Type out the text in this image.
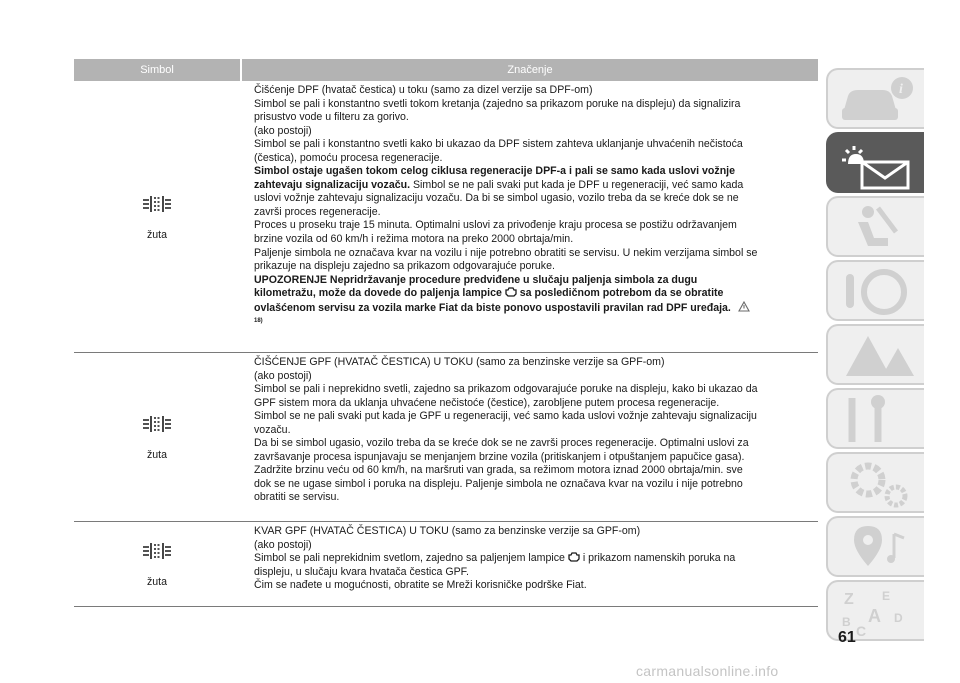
Simbol	Značenje
žuta

Čišćenje DPF (hvatač čestica) u toku (samo za dizel verzije sa DPF-om)

Simbol se pali i konstantno svetli tokom kretanja (zajedno sa prikazom poruke na displeju) da signalizira

prisustvo vode u filteru za gorivo.

(ako postoji)

Simbol se pali i konstantno svetli kako bi ukazao da DPF sistem zahteva uklanjanje uhvaćenih nečistoća

(čestica), pomoću procesa regeneracije.

Simbol ostaje ugašen tokom celog ciklusa regeneracije DPF-a i pali se samo kada uslovi vožnje

zahtevaju signalizaciju vozaču. Simbol se ne pali svaki put kada je DPF u regeneraciji, već samo kada

uslovi vožnje zahtevaju signalizaciju vozaču. Da bi se simbol ugasio, vozilo treba da se kreće dok se ne

završi proces regeneracije.

Proces u proseku traje 15 minuta. Optimalni uslovi za privođenje kraju procesa se postižu održavanjem

brzine vozila od 60 km/h i režima motora na preko 2000 obrtaja/min.

Paljenje simbola ne označava kvar na vozilu i nije potrebno obratiti se servisu. U nekim verzijama simbol se

prikazuje na displeju zajedno sa prikazom odgovarajuće poruke.

UPOZORENJE Nepridržavanje procedure predviđene u slučaju paljenja simbola za dugu

kilometražu, može da dovede do paljenja lampice sa posledičnom potrebom da se obratite

ovlašćenom servisu za vozila marke Fiat da biste ponovo uspostavili pravilan rad DPF uređaja.

18)

žuta

ČIŠĆENJE GPF (HVATAČ ČESTICA) U TOKU (samo za benzinske verzije sa GPF-om)

(ako postoji)

Simbol se pali i neprekidno svetli, zajedno sa prikazom odgovarajuće poruke na displeju, kako bi ukazao da

GPF sistem mora da uklanja uhvaćene nečistoće (čestice), zarobljene putem procesa regeneracije.

Simbol se ne pali svaki put kada je GPF u regeneraciji, već samo kada uslovi vožnje zahtevaju signalizaciju

vozaču.

Da bi se simbol ugasio, vozilo treba da se kreće dok se ne završi proces regeneracije. Optimalni uslovi za

završavanje procesa ispunjavaju se menjanjem brzine vozila (pritiskanjem i otpuštanjem papučice gasa).

Zadržite brzinu veću od 60 km/h, na maršruti van grada, sa režimom motora iznad 2000 obrtaja/min. sve

dok se ne ugase simbol i poruka na displeju. Paljenje simbola ne označava kvar na vozilu i nije potrebno

obratiti se servisu.

žuta

KVAR GPF (HVATAČ ČESTICA) U TOKU (samo za benzinske verzije sa GPF-om)

(ako postoji)

Simbol se pali neprekidnim svetlom, zajedno sa paljenjem lampice i prikazom namenskih poruka na

displeju, u slučaju kvara hvatača čestica GPF.

Čim se nađete u mogućnosti, obratite se Mreži korisničke podrške Fiat.

i
Z E
B A D
C
61
carmanualsonline.info
